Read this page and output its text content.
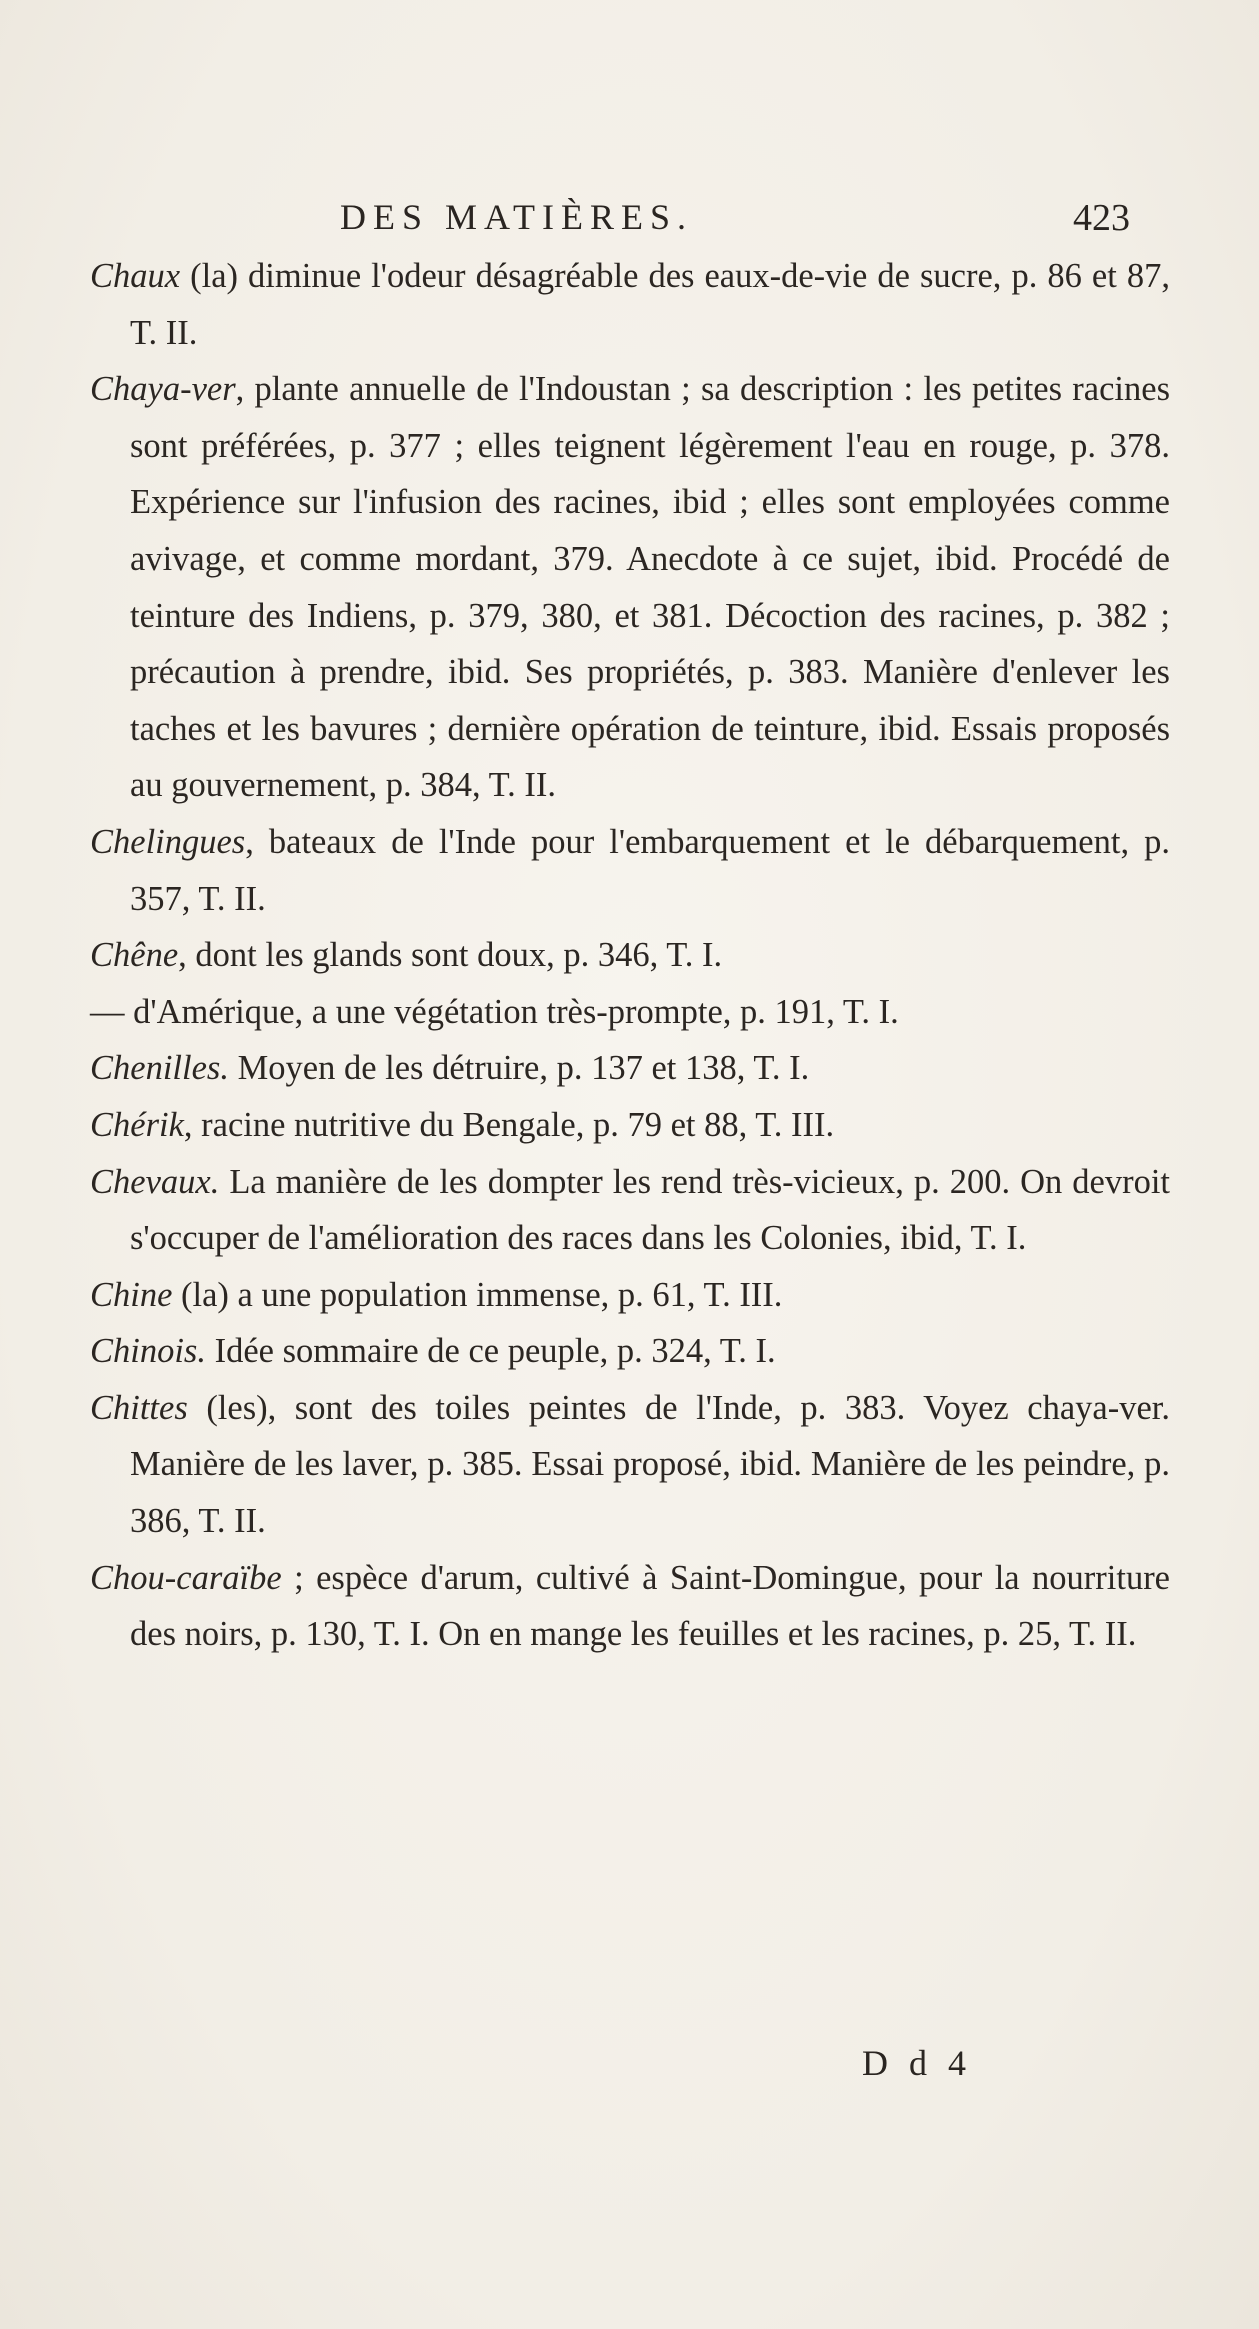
DES MATIÈRES.	423

Chaux (la) diminue l'odeur désagréable des eaux-de-vie de sucre, p. 86 et 87, T. II.

Chaya-ver, plante annuelle de l'Indoustan ; sa description : les petites racines sont préférées, p. 377 ; elles teignent légèrement l'eau en rouge, p. 378. Expérience sur l'infusion des racines, ibid ; elles sont employées comme avivage, et comme mordant, 379. Anecdote à ce sujet, ibid. Procédé de teinture des Indiens, p. 379, 380, et 381. Décoction des racines, p. 382 ; précaution à prendre, ibid. Ses propriétés, p. 383. Manière d'enlever les taches et les bavures ; dernière opération de teinture, ibid. Essais proposés au gouvernement, p. 384, T. II.

Chelingues, bateaux de l'Inde pour l'embarquement et le débarquement, p. 357, T. II.

Chêne, dont les glands sont doux, p. 346, T. I.

— d'Amérique, a une végétation très-prompte, p. 191, T. I.

Chenilles. Moyen de les détruire, p. 137 et 138, T. I.

Chérik, racine nutritive du Bengale, p. 79 et 88, T. III.

Chevaux. La manière de les dompter les rend très-vicieux, p. 200. On devroit s'occuper de l'amélioration des races dans les Colonies, ibid, T. I.

Chine (la) a une population immense, p. 61, T. III.

Chinois. Idée sommaire de ce peuple, p. 324, T. I.

Chittes (les), sont des toiles peintes de l'Inde, p. 383. Voyez chaya-ver. Manière de les laver, p. 385. Essai proposé, ibid. Manière de les peindre, p. 386, T. II.

Chou-caraïbe ; espèce d'arum, cultivé à Saint-Domingue, pour la nourriture des noirs, p. 130, T. I. On en mange les feuilles et les racines, p. 25, T. II.

D d 4
